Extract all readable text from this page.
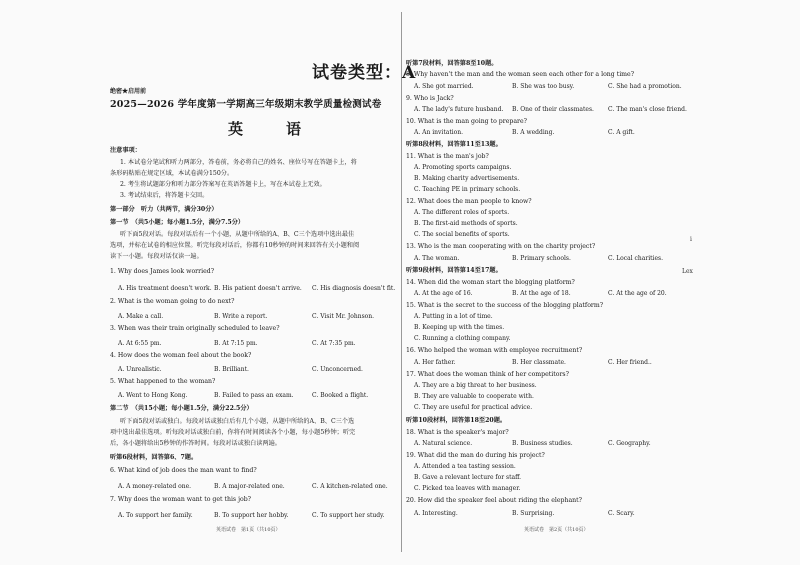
试卷类型：A
绝密★启用前
2025—2026 学年度第一学期高三年级期末教学质量检测试卷
英　语
注意事项：
1. 本试卷分笔试和听力两部分，答卷前，务必将自己的姓名、座位号写在答题卡上，将
条形码粘贴在规定区域，本试卷满分150分。
2. 考生将试题部分和听力部分答案写在英语答题卡上，写在本试卷上无效。
3. 考试结束后，将答题卡交回。
第一部分　听力（共两节，满分30分）
第一节　（共5小题；每小题1.5分，满分7.5分）
听下面5段对话。每段对话后有一个小题，从题中所给的A、B、C三个选项中选出最佳
选项，并标在试卷的相应位置。听完每段对话后，你都有10秒钟的时间来回答有关小题和阅
读下一小题。每段对话仅读一遍。
1. Why does James look worried?
A. His treatment doesn't work. B. His patient doesn't arrive. C. His diagnosis doesn't fit.
2. What is the woman going to do next?
A. Make a call.	B. Write a report.	C. Visit Mr. Johnson.
3. When was their train originally scheduled to leave?
A. At 6:55 pm.	B. At 7:15 pm.	C. At 7:35 pm.
4. How does the woman feel about the book?
A. Unrealistic.	B. Brilliant.	C. Unconcerned.
5. What happened to the woman?
A. Went to Hong Kong.	B. Failed to pass an exam.	C. Booked a flight.
第二节　（共15小题；每小题1.5分，满分22.5分）
听下面5段对话或独白。每段对话或独白后有几个小题，从题中所给的A、B、C三个选
项中选出最佳选项。听每段对话或独白前，你将有时间阅读各个小题，每小题5秒钟；听完
后，各小题将给出5秒钟的作答时间。每段对话或独白读两遍。
听第6段材料，回答第6、7题。
6. What kind of job does the man want to find?
A. A money-related one.	B. A major-related one.	C. A kitchen-related one.
7. Why does the woman want to get this job?
A. To support her family.	B. To support her hobby.	C. To support her study.
英语试卷　第1页（共10页）
听第7段材料，回答第8至10题。
8. Why haven't the man and the woman seen each other for a long time?
A. She got married.	B. She was too busy.	C. She had a promotion.
9. Who is Jack?
A. The lady's future husband. B. One of their classmates. C. The man's close friend.
10. What is the man going to prepare?
A. An invitation.	B. A wedding.	C. A gift.
听第8段材料，回答第11至13题。
11. What is the man's job?
A. Promoting sports campaigns.
B. Making charity advertisements.
C. Teaching PE in primary schools.
12. What does the man people to know?
A. The different roles of sports.
B. The first-aid methods of sports.
C. The social benefits of sports.
13. Who is the man cooperating with on the charity project?
A. The woman.	B. Primary schools.	C. Local charities.
听第9段材料，回答第14至17题。
14. When did the woman start the blogging platform?
A. At the age of 16.	B. At the age of 18.	C. At the age of 20.
15. What is the secret to the success of the blogging platform?
A. Putting in a lot of time.
B. Keeping up with the times.
C. Running a clothing company.
16. Who helped the woman with employee recruitment?
A. Her father.	B. Her classmate.	C. Her friend..
17. What does the woman think of her competitors?
A. They are a big threat to her business.
B. They are valuable to cooperate with.
C. They are useful for practical advice.
听第10段材料，回答第18至20题。
18. What is the speaker's major?
A. Natural science.	B. Business studies.	C. Geography.
19. What did the man do during his project?
A. Attended a tea tasting session.
B. Gave a relevant lecture for staff.
C. Picked tea leaves with manager.
20. How did the speaker feel about riding the elephant?
A. Interesting.	B. Surprising.	C. Scary.
英语试卷　第2页（共10页）
i
Lex
